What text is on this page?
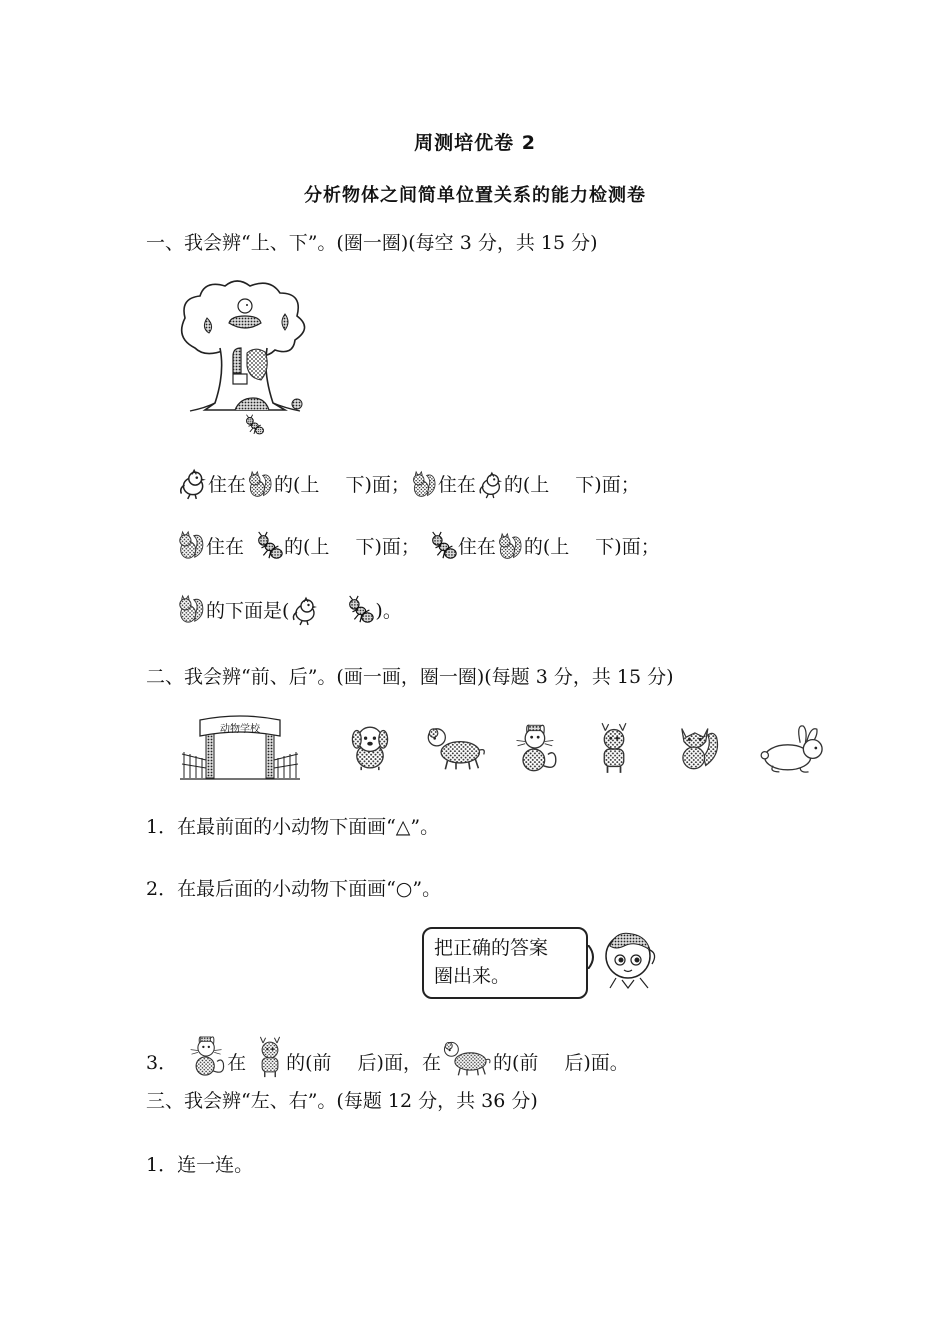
周测培优卷 2
分析物体之间简单位置关系的能力检测卷
一、我会辨“上、下”。(圈一圈)(每空 3 分，共 15 分)
住在 的(上 下)面； 住在 的(上 下)面；
住在 的(上 下)面； 住在 的(上 下)面；
的下面是(	)。
二、我会辨“前、后”。(画一画，圈一圈)(每题 3 分，共 15 分)
动物学校
1．在最前面的小动物下面画“△”。
2．在最后面的小动物下面画“○”。
把正确的答案
圈出来。
3．	在 的(前 后)面，在	的(前 后)面。
三、我会辨“左、右”。(每题 12 分，共 36 分)
1．连一连。
